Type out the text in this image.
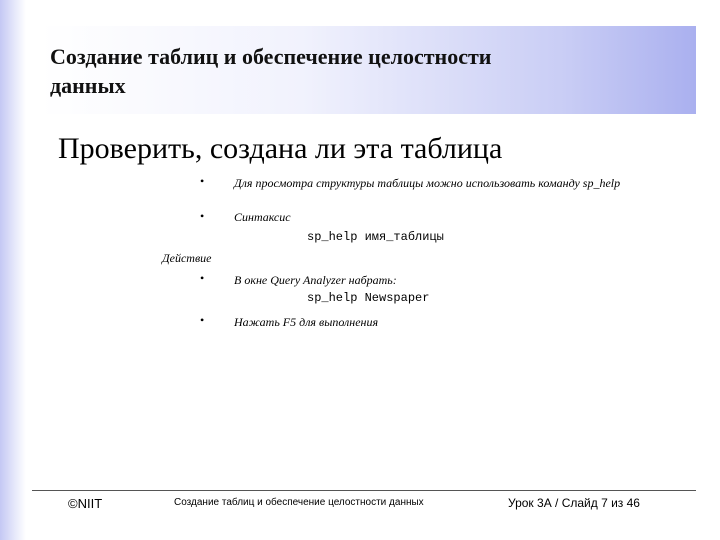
Создание таблиц и обеспечение целостности
данных
Проверить, создана ли эта таблица
• Для просмотра структуры таблицы можно использовать команду sp_help
• Синтаксис
sp_help имя_таблицы
Действие
• В окне Query Analyzer набрать:
sp_help Newspaper
• Нажать F5 для выполнения
©NIIT	Создание таблиц и обеспечение целостности данных	Урок 3А / Слайд 7 из 46
